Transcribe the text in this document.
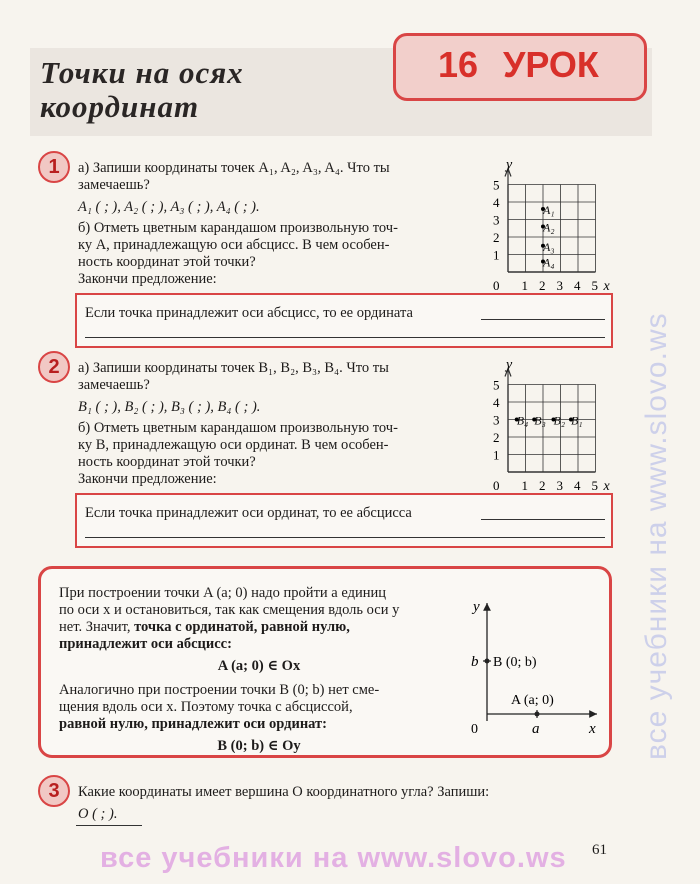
Точки на осях
координат
16 УРОК
1	а) Запиши координаты точек A₁, A₂, A₃, A₄. Что ты
замечаешь?
A₁ ( ; ), A₂ ( ; ), A₃ ( ; ), A₄ ( ; ).
б) Отметь цветным карандашом произвольную точ-
ку A, принадлежащую оси абсцисс. В чем особен-
ность координат этой точки?
Закончи предложение:
Если точка принадлежит оси абсцисс, то ее ордината
1
2
3
4
5
0 1 2 3 4 5 x
y
A₁
A₂
A₃
A₄
2	а) Запиши координаты точек B₁, B₂, B₃, B₄. Что ты
замечаешь?
B₁ ( ; ), B₂ ( ; ), B₃ ( ; ), B₄ ( ; ).
б) Отметь цветным карандашом произвольную точ-
ку B, принадлежащую оси ординат. В чем особен-
ность координат этой точки?
Закончи предложение:
Если точка принадлежит оси ординат, то ее абсцисса
1
2
3
4
5
0 1 2 3 4 5 x
y
B₁
B₂
B₃
B₄
При построении точки A (a; 0) надо пройти a единиц
по оси x и остановиться, так как смещения вдоль оси y
нет. Значит, точка с ординатой, равной нулю,
принадлежит оси абсцисс:
A (a; 0) ∈ Ox
Аналогично при построении точки B (0; b) нет сме-
щения вдоль оси x. Поэтому точка с абсциссой,
равной нулю, принадлежит оси ординат:
B (0; b) ∈ Oy
y
x
0
b B (0; b)
a
A (a; 0)
3	Какие координаты имеет вершина O координатного угла? Запиши:
O ( ; ).
61
все учебники на www.slovo.ws
все учебники на www.slovo.ws
